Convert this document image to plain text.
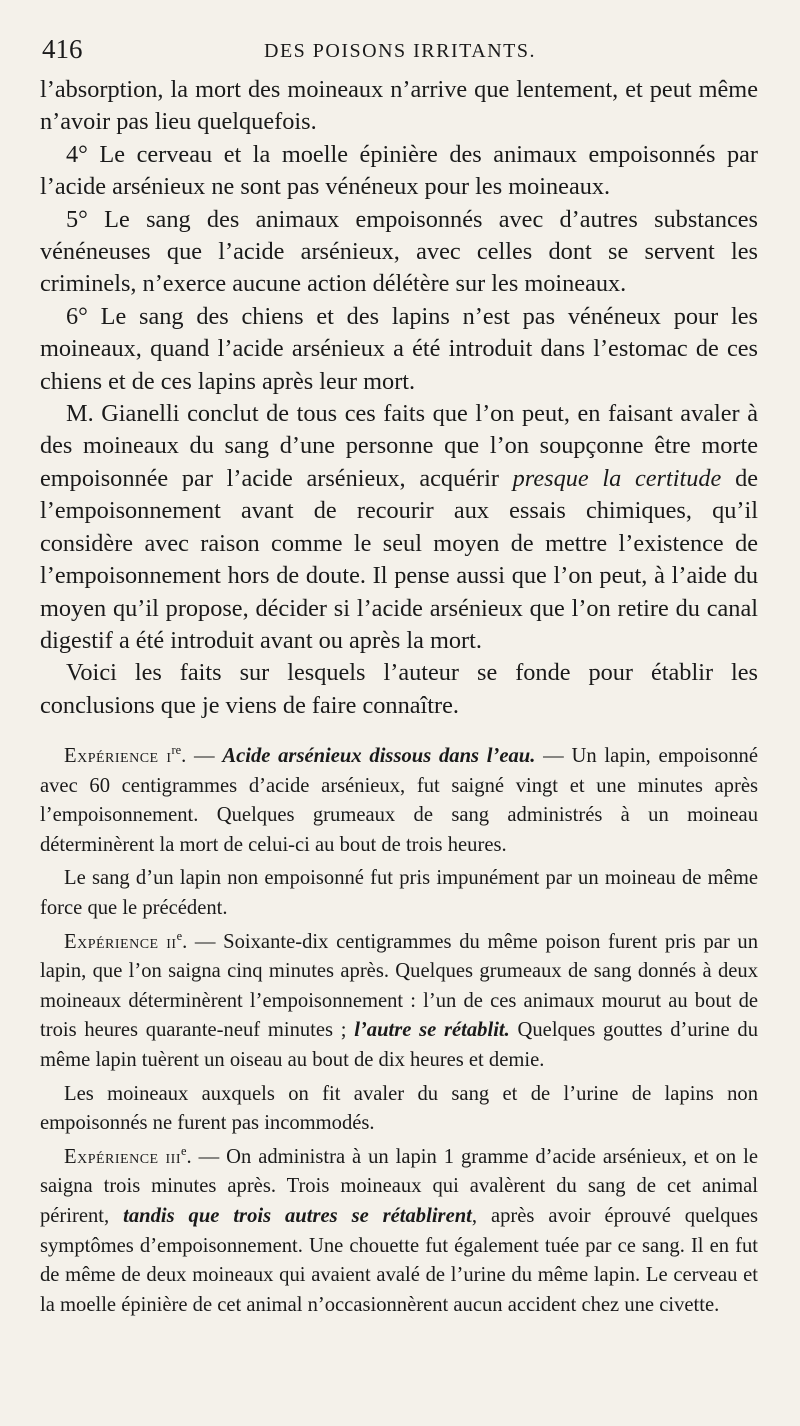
416	DES POISONS IRRITANTS.

l’absorption, la mort des moineaux n’arrive que lentement, et peut même n’avoir pas lieu quelquefois.

4° Le cerveau et la moelle épinière des animaux empoisonnés par l’acide arsénieux ne sont pas vénéneux pour les moineaux.

5° Le sang des animaux empoisonnés avec d’autres substances vénéneuses que l’acide arsénieux, avec celles dont se servent les criminels, n’exerce aucune action délétère sur les moineaux.

6° Le sang des chiens et des lapins n’est pas vénéneux pour les moineaux, quand l’acide arsénieux a été introduit dans l’estomac de ces chiens et de ces lapins après leur mort.

M. Gianelli conclut de tous ces faits que l’on peut, en faisant avaler à des moineaux du sang d’une personne que l’on soupçonne être morte empoisonnée par l’acide arsénieux, acquérir presque la certitude de l’empoisonnement avant de recourir aux essais chimiques, qu’il considère avec raison comme le seul moyen de mettre l’existence de l’empoisonnement hors de doute. Il pense aussi que l’on peut, à l’aide du moyen qu’il propose, décider si l’acide arsénieux que l’on retire du canal digestif a été introduit avant ou après la mort.

Voici les faits sur lesquels l’auteur se fonde pour établir les conclusions que je viens de faire connaître.

Expérience $i^{re}$. — Acide arsénieux dissous dans l’eau. — Un lapin, empoisonné avec 60 centigrammes d’acide arsénieux, fut saigné vingt et une minutes après l’empoisonnement. Quelques grumeaux de sang administrés à un moineau déterminèrent la mort de celui-ci au bout de trois heures.

Le sang d’un lapin non empoisonné fut pris impunément par un moineau de même force que le précédent.

Expérience $ii^e$. — Soixante-dix centigrammes du même poison furent pris par un lapin, que l’on saigna cinq minutes après. Quelques grumeaux de sang donnés à deux moineaux déterminèrent l’empoisonnement : l’un de ces animaux mourut au bout de trois heures quarante-neuf minutes ; l’autre se rétablit. Quelques gouttes d’urine du même lapin tuèrent un oiseau au bout de dix heures et demie.

Les moineaux auxquels on fit avaler du sang et de l’urine de lapins non empoisonnés ne furent pas incommodés.

Expérience iii$^e$. — On administra à un lapin 1 gramme d’acide arsénieux, et on le saigna trois minutes après. Trois moineaux qui avalèrent du sang de cet animal périrent, tandis que trois autres se rétablirent, après avoir éprouvé quelques symptômes d’empoisonnement. Une chouette fut également tuée par ce sang. Il en fut de même de deux moineaux qui avaient avalé de l’urine du même lapin. Le cerveau et la moelle épinière de cet animal n’occasionnèrent aucun accident chez une civette.
